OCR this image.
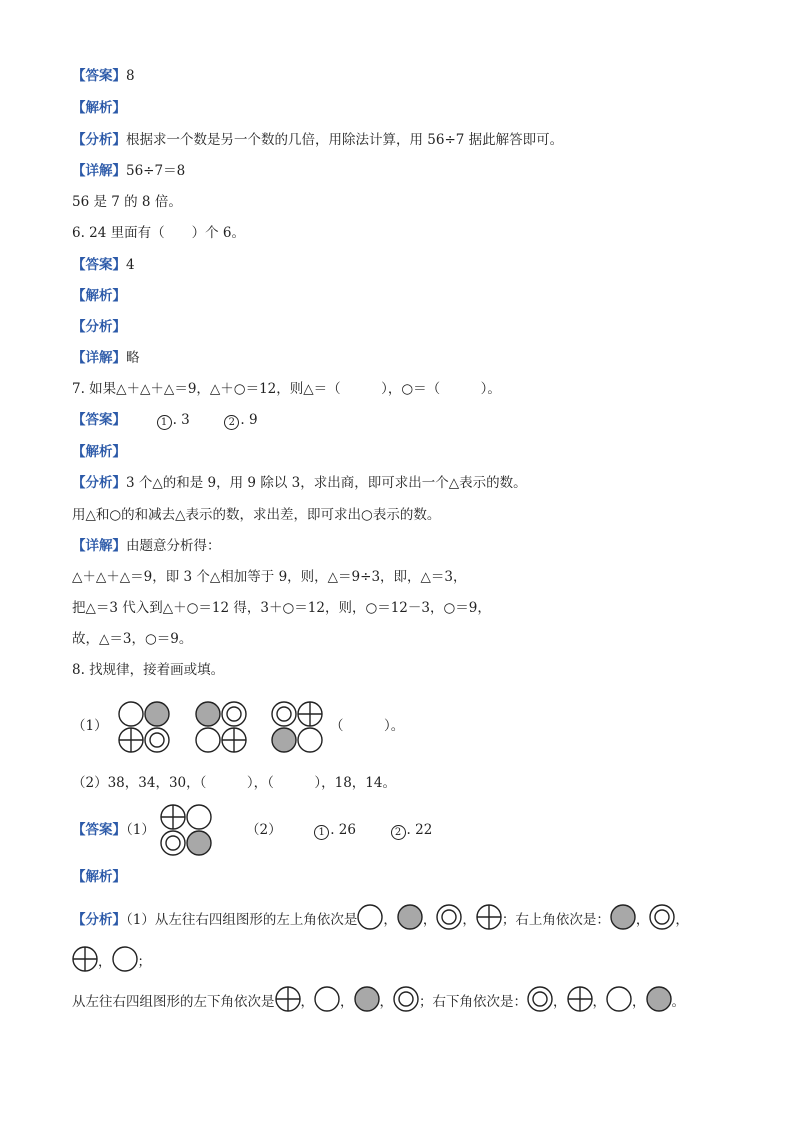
【答案】8
【解析】
【分析】根据求一个数是另一个数的几倍，用除法计算，用 56÷7 据此解答即可。
【详解】56÷7＝8
56 是 7 的 8 倍。
6. 24 里面有（　　）个 6。
【答案】4
【解析】
【分析】
【详解】略
7. 如果△＋△＋△＝9，△＋○＝12，则△＝（　　　），○＝（　　　）。
【答案】	1 . 3	2 . 9
【解析】
【分析】3 个△的和是 9，用 9 除以 3，求出商，即可求出一个△表示的数。
用△和○的和减去△表示的数，求出差，即可求出○表示的数。
【详解】由题意分析得：
△＋△＋△＝9，即 3 个△相加等于 9，则，△＝9÷3，即，△＝3，
把△＝3 代入到△＋○＝12 得，3＋○＝12，则，○＝12－3，○＝9，
故，△＝3，○＝9。
8. 找规律，接着画或填。
（1）	（　　　）。
（2）38，34，30，（　　　），（　　　），18，14。
【答案】（1）	（2）	1 . 26	2 . 22
【解析】
【分析】（1）从左往右四组图形的左上角依次是 ， ， ， ；右上角依次是： ， ，
， ；
从左往右四组图形的左下角依次是 ， ， ， ；右下角依次是： ， ， ， 。
